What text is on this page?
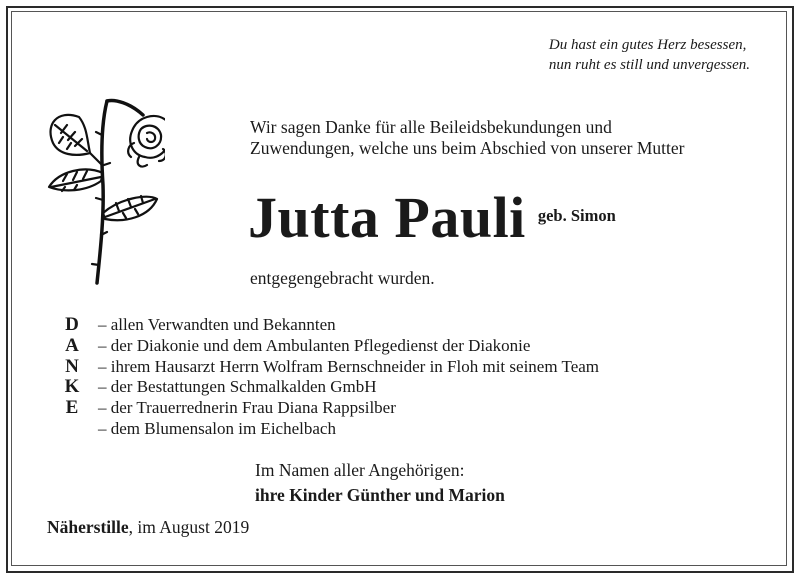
Du hast ein gutes Herz besessen,
nun ruht es still und unvergessen.
Wir sagen Danke für alle Beileidsbekundungen und
Zuwendungen, welche uns beim Abschied von unserer Mutter
Jutta Pauli geb. Simon
entgegengebracht wurden.
D
A
N
K
E
– allen Verwandten und Bekannten
– der Diakonie und dem Ambulanten Pflegedienst der Diakonie
– ihrem Hausarzt Herrn Wolfram Bernschneider in Floh mit seinem Team
– der Bestattungen Schmalkalden GmbH
– der Trauerrednerin Frau Diana Rappsilber
– dem Blumensalon im Eichelbach
Im Namen aller Angehörigen:
ihre Kinder Günther und Marion
Näherstille, im August 2019
